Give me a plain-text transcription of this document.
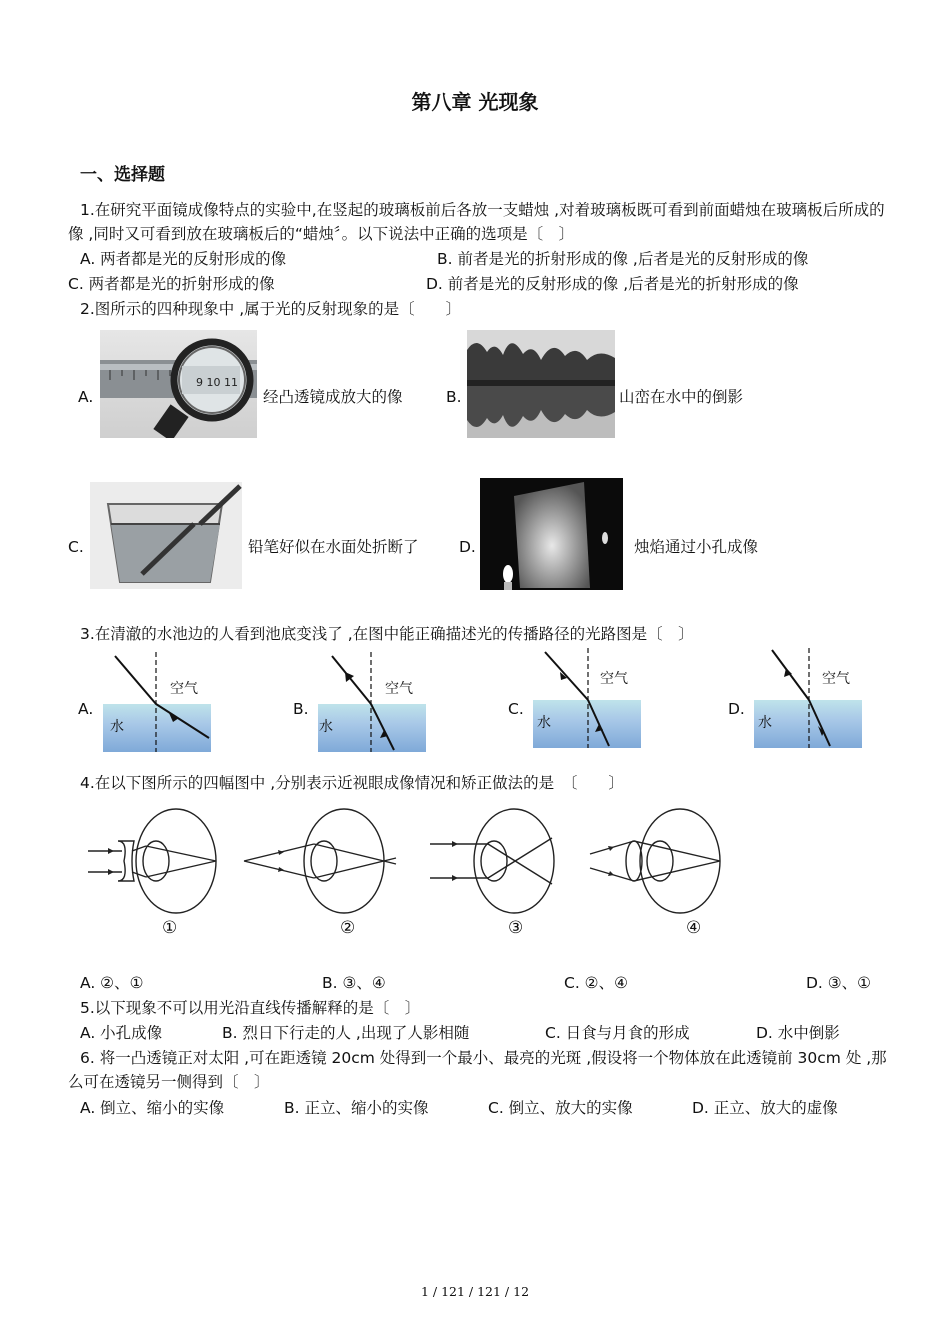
第八章 光现象
一、选择题
1.在研究平面镜成像特点的实验中,在竖起的玻璃板前后各放一支蜡烛 ,对着玻璃板既可看到前面蜡烛在玻璃板后所成的像 ,同时又可看到放在玻璃板后的“蜡烛〞。以下说法中正确的选项是〔　〕
A. 两者都是光的反射形成的像	B. 前者是光的折射形成的像 ,后者是光的反射形成的像
C. 两者都是光的折射形成的像	D. 前者是光的反射形成的像 ,后者是光的折射形成的像
2.图所示的四种现象中 ,属于光的反射现象的是〔　　〕
A.
9 10 11
经凸透镜成放大的像	B.	山峦在水中的倒影
C.	铅笔好似在水面处折断了	D.	烛焰通过小孔成像
3.在清澈的水池边的人看到池底变浅了 ,在图中能正确描述光的传播路径的光路图是〔　〕
A.
空气
水
B.
空气
水
C.
空气
水
D.
空气
水
4.在以下图所示的四幅图中 ,分别表示近视眼成像情况和矫正做法的是　〔　　〕
①	②	③	④
A. ②、①	B. ③、④	C. ②、④	D. ③、①
5.以下现象不可以用光沿直线传播解释的是〔　〕
A. 小孔成像	B. 烈日下行走的人 ,出现了人影相随	C. 日食与月食的形成	D. 水中倒影
6. 将一凸透镜正对太阳 ,可在距透镜 20cm 处得到一个最小、最亮的光斑 ,假设将一个物体放在此透镜前 30cm 处 ,那么可在透镜另一侧得到〔　〕
A. 倒立、缩小的实像	B. 正立、缩小的实像	C. 倒立、放大的实像	D. 正立、放大的虚像
1 / 121 / 121 / 12
